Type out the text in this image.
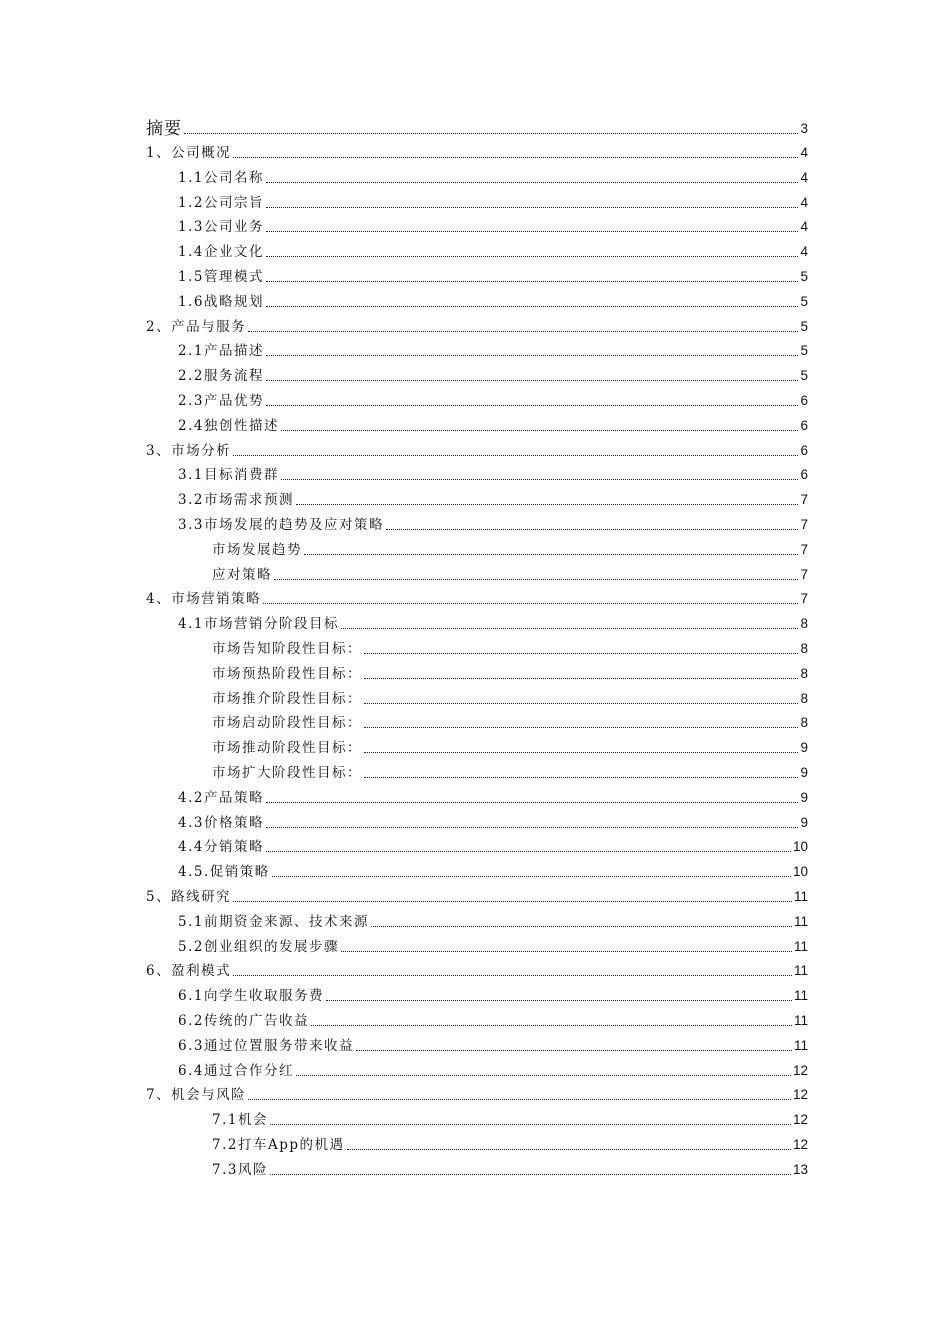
摘要	3
1、公司概况	4
1.1公司名称	4
1.2公司宗旨	4
1.3公司业务	4
1.4企业文化	4
1.5管理模式	5
1.6战略规划	5
2、产品与服务	5
2.1产品描述	5
2.2服务流程	5
2.3产品优势	6
2.4独创性描述	6
3、市场分析	6
3.1目标消费群	6
3.2市场需求预测	7
3.3市场发展的趋势及应对策略	7
市场发展趋势	7
应对策略	7
4、市场营销策略	7
4.1市场营销分阶段目标	8
市场告知阶段性目标：	8
市场预热阶段性目标：	8
市场推介阶段性目标：	8
市场启动阶段性目标：	8
市场推动阶段性目标：	9
市场扩大阶段性目标：	9
4.2产品策略	9
4.3价格策略	9
4.4分销策略	10
4.5.促销策略	10
5、路线研究	11
5.1前期资金来源、技术来源	11
5.2创业组织的发展步骤	11
6、盈利模式	11
6.1向学生收取服务费	11
6.2传统的广告收益	11
6.3通过位置服务带来收益	11
6.4通过合作分红	12
7、机会与风险	12
7.1机会	12
7.2打车App的机遇	12
7.3风险	13
